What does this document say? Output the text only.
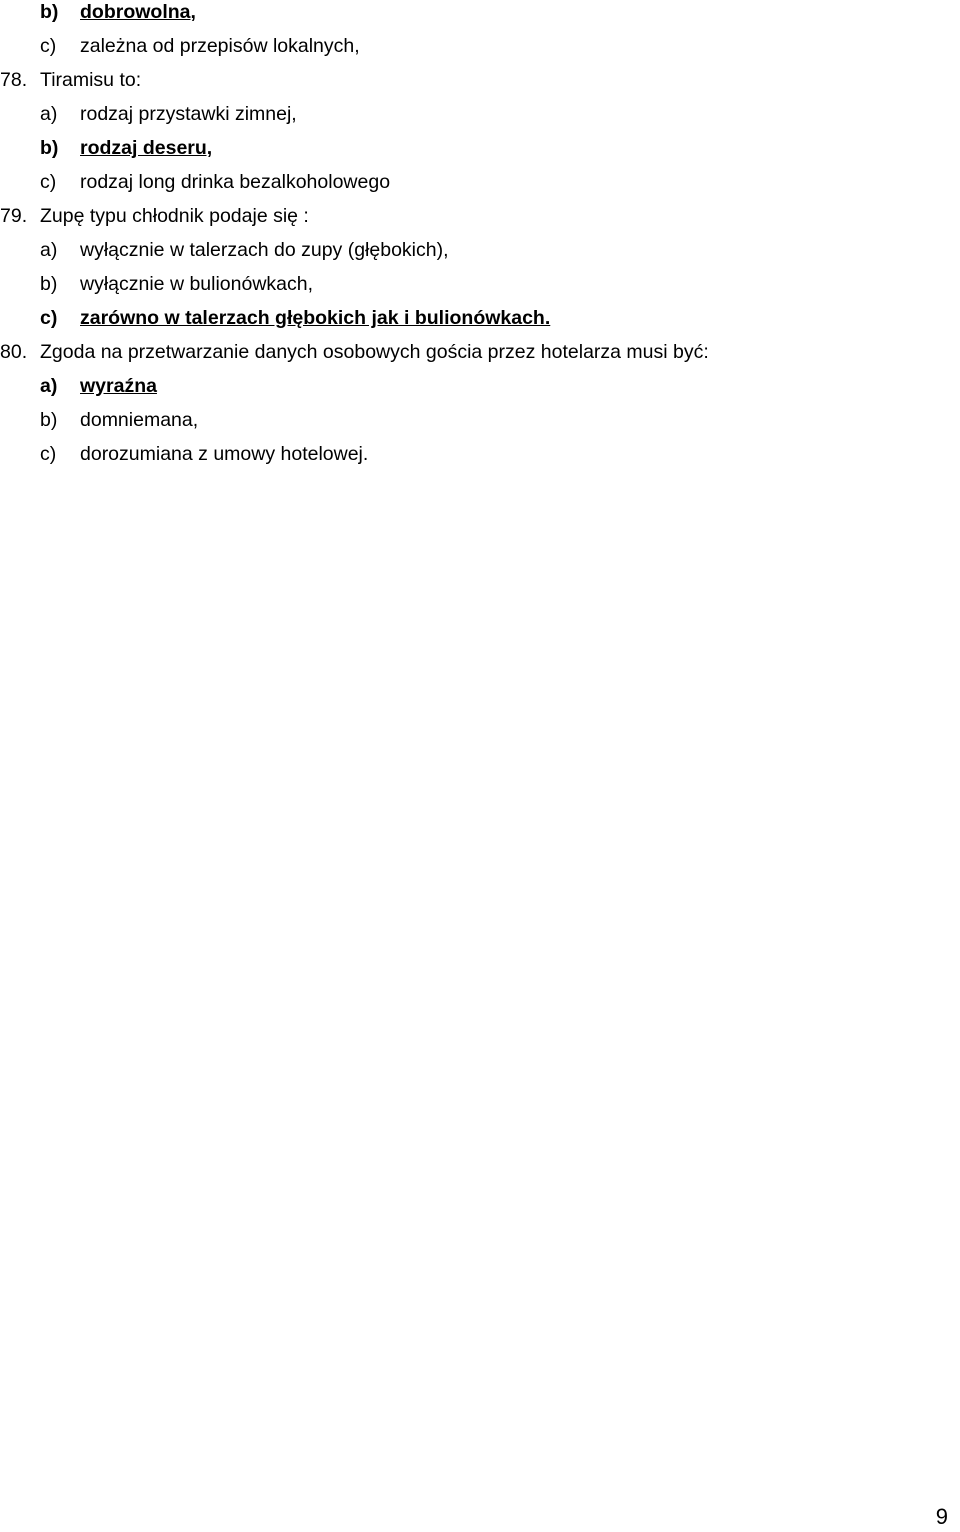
b) dobrowolna,
c) zależna od przepisów lokalnych,
78. Tiramisu to:
a) rodzaj przystawki zimnej,
b) rodzaj deseru,
c) rodzaj long drinka bezalkoholowego
79. Zupę typu chłodnik podaje się :
a) wyłącznie w talerzach do zupy (głębokich),
b) wyłącznie w bulionówkach,
c) zarówno w talerzach głębokich jak i bulionówkach.
80. Zgoda na przetwarzanie danych osobowych gościa przez hotelarza musi być:
a) wyraźna
b) domniemana,
c) dorozumiana z umowy hotelowej.
9
